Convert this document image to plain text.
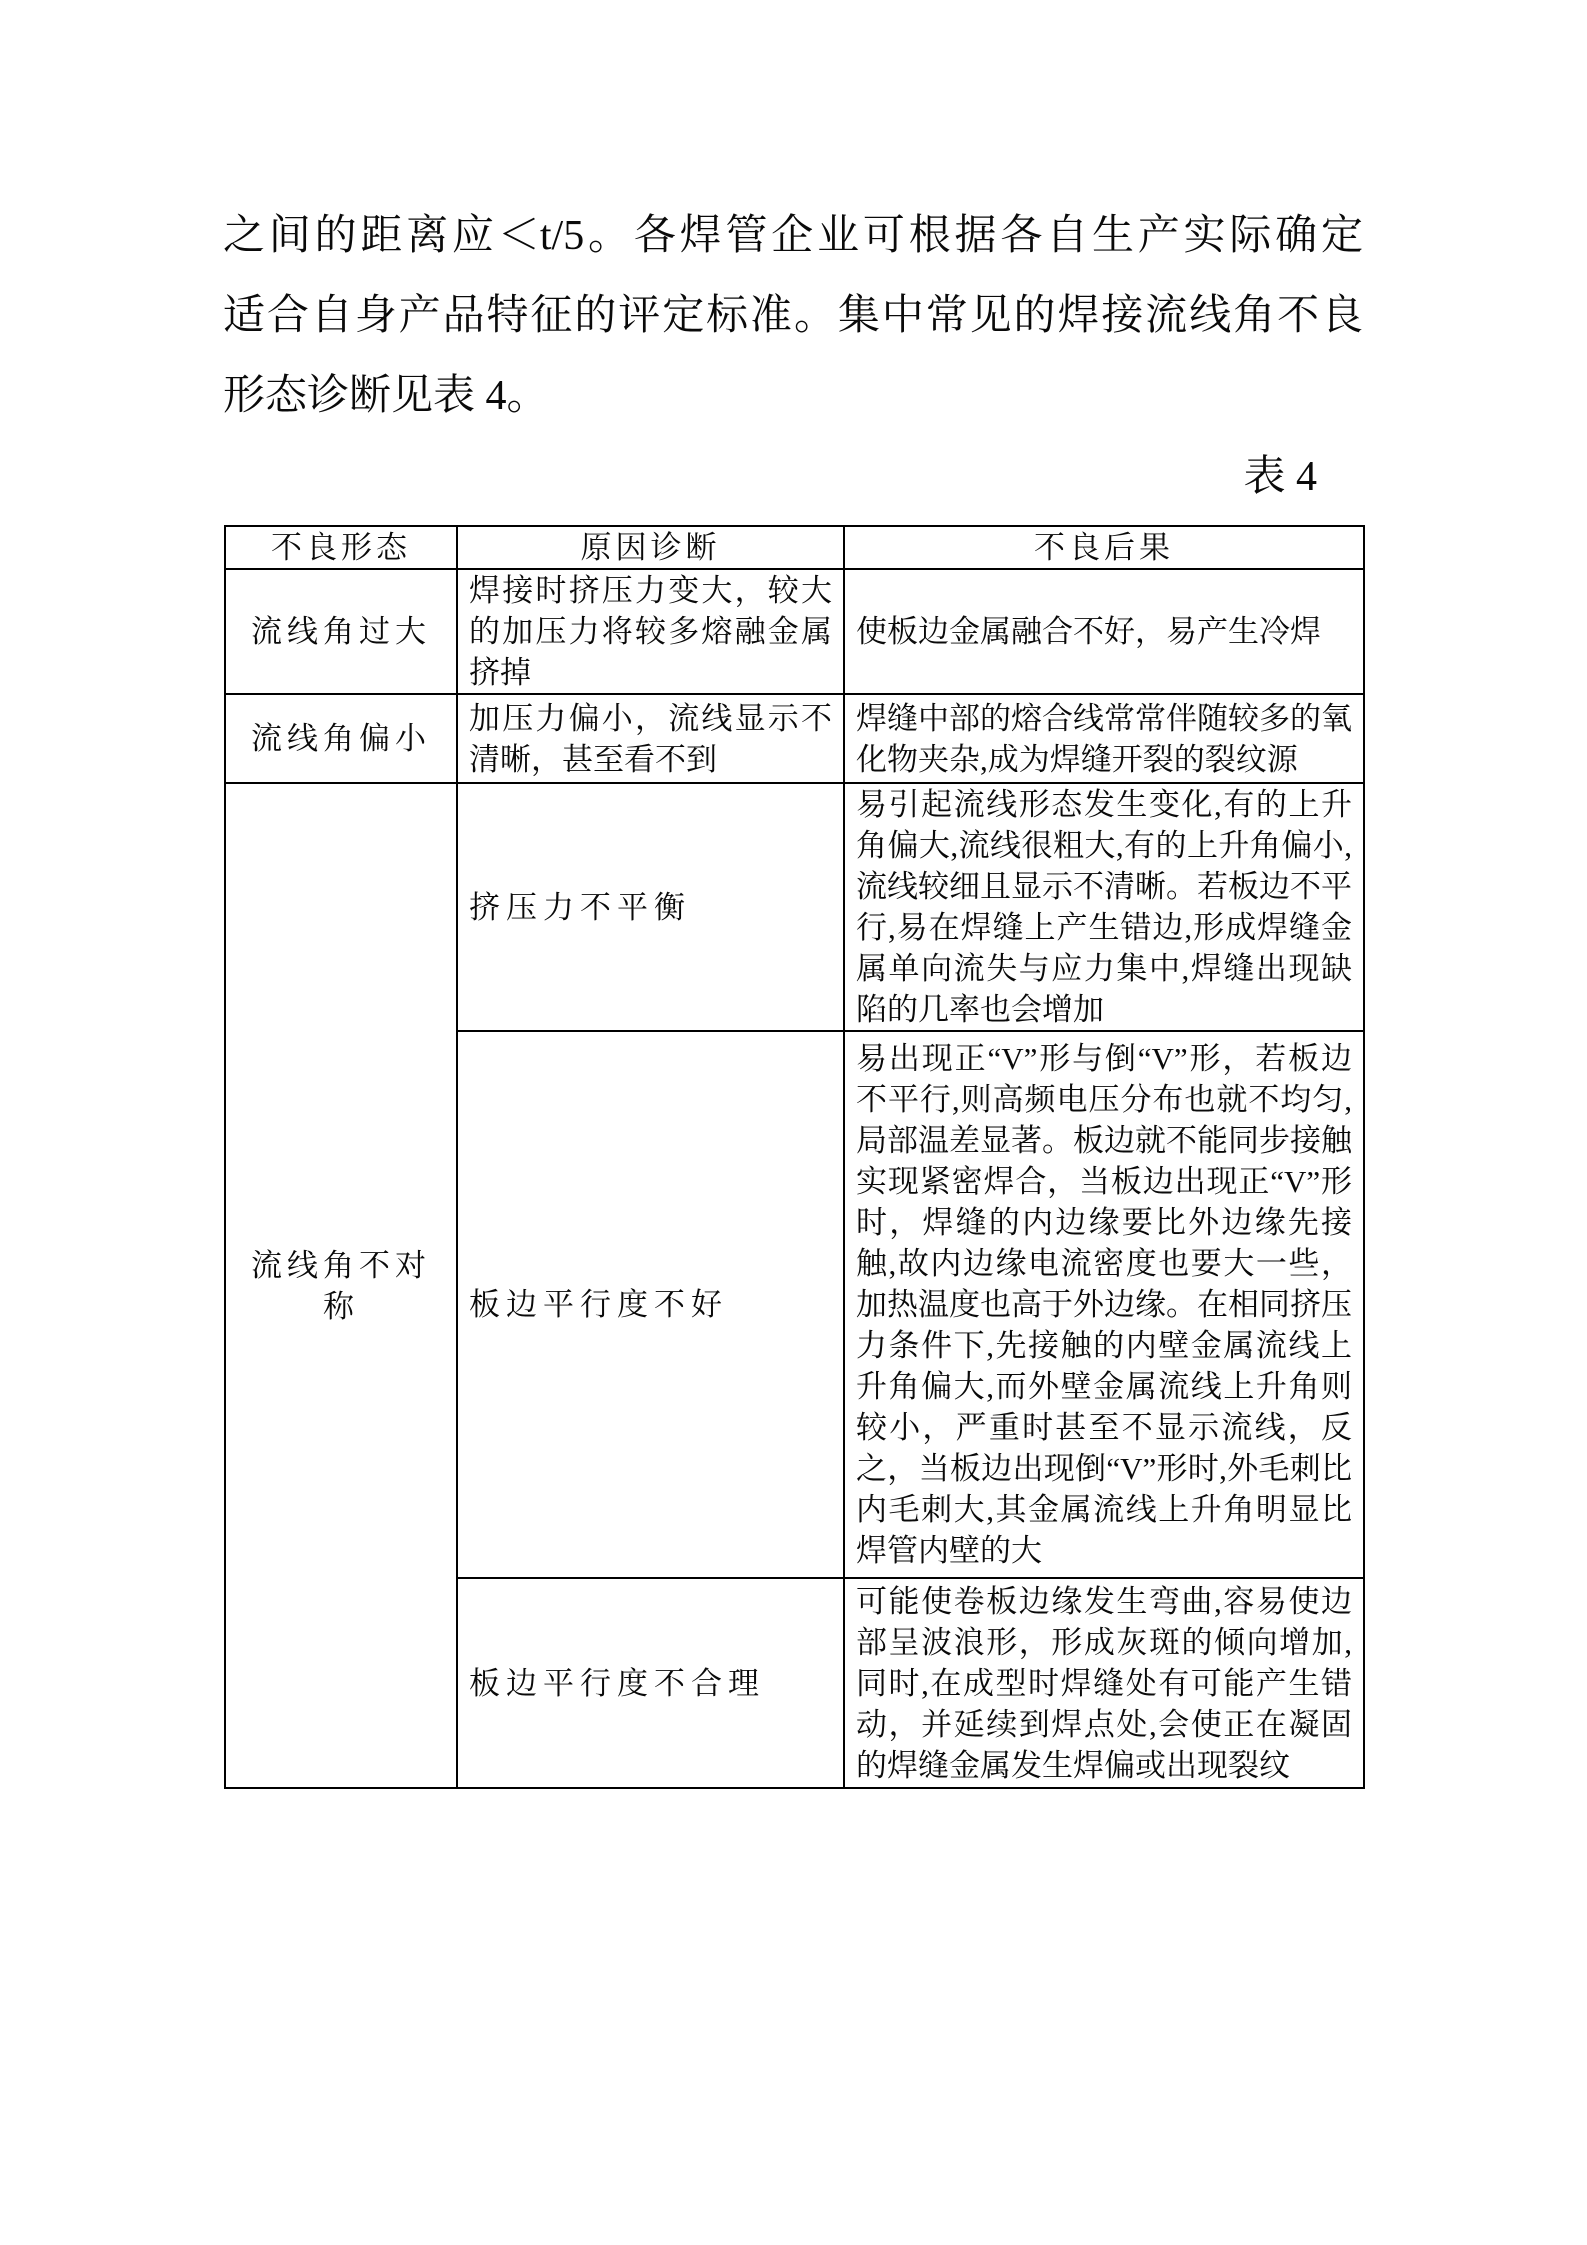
之间的距离应＜t/5。各焊管企业可根据各自生产实际确定
适合自身产品特征的评定标准。集中常见的焊接流线角不良
形态诊断见表 4。
表 4
不良形态	原因诊断	不良后果
流线角过大	焊接时挤压力变大，较大的加压力将较多熔融金属挤掉	使板边金属融合不好，易产生冷焊
流线角偏小	加压力偏小，流线显示不清晰，甚至看不到	焊缝中部的熔合线常常伴随较多的氧化物夹杂,成为焊缝开裂的裂纹源
流线角不对称	挤压力不平衡	易引起流线形态发生变化,有的上升角偏大,流线很粗大,有的上升角偏小,流线较细且显示不清晰。若板边不平行,易在焊缝上产生错边,形成焊缝金属单向流失与应力集中,焊缝出现缺陷的几率也会增加
	板边平行度不好	易出现正“V”形与倒“V”形，若板边不平行,则高频电压分布也就不均匀,局部温差显著。板边就不能同步接触实现紧密焊合，当板边出现正“V”形时，焊缝的内边缘要比外边缘先接触,故内边缘电流密度也要大一些，加热温度也高于外边缘。在相同挤压力条件下,先接触的内壁金属流线上升角偏大,而外壁金属流线上升角则较小，严重时甚至不显示流线，反之，当板边出现倒“V”形时,外毛刺比内毛刺大,其金属流线上升角明显比焊管内壁的大
	板边平行度不合理	可能使卷板边缘发生弯曲,容易使边部呈波浪形，形成灰斑的倾向增加,同时,在成型时焊缝处有可能产生错动，并延续到焊点处,会使正在凝固的焊缝金属发生焊偏或出现裂纹
